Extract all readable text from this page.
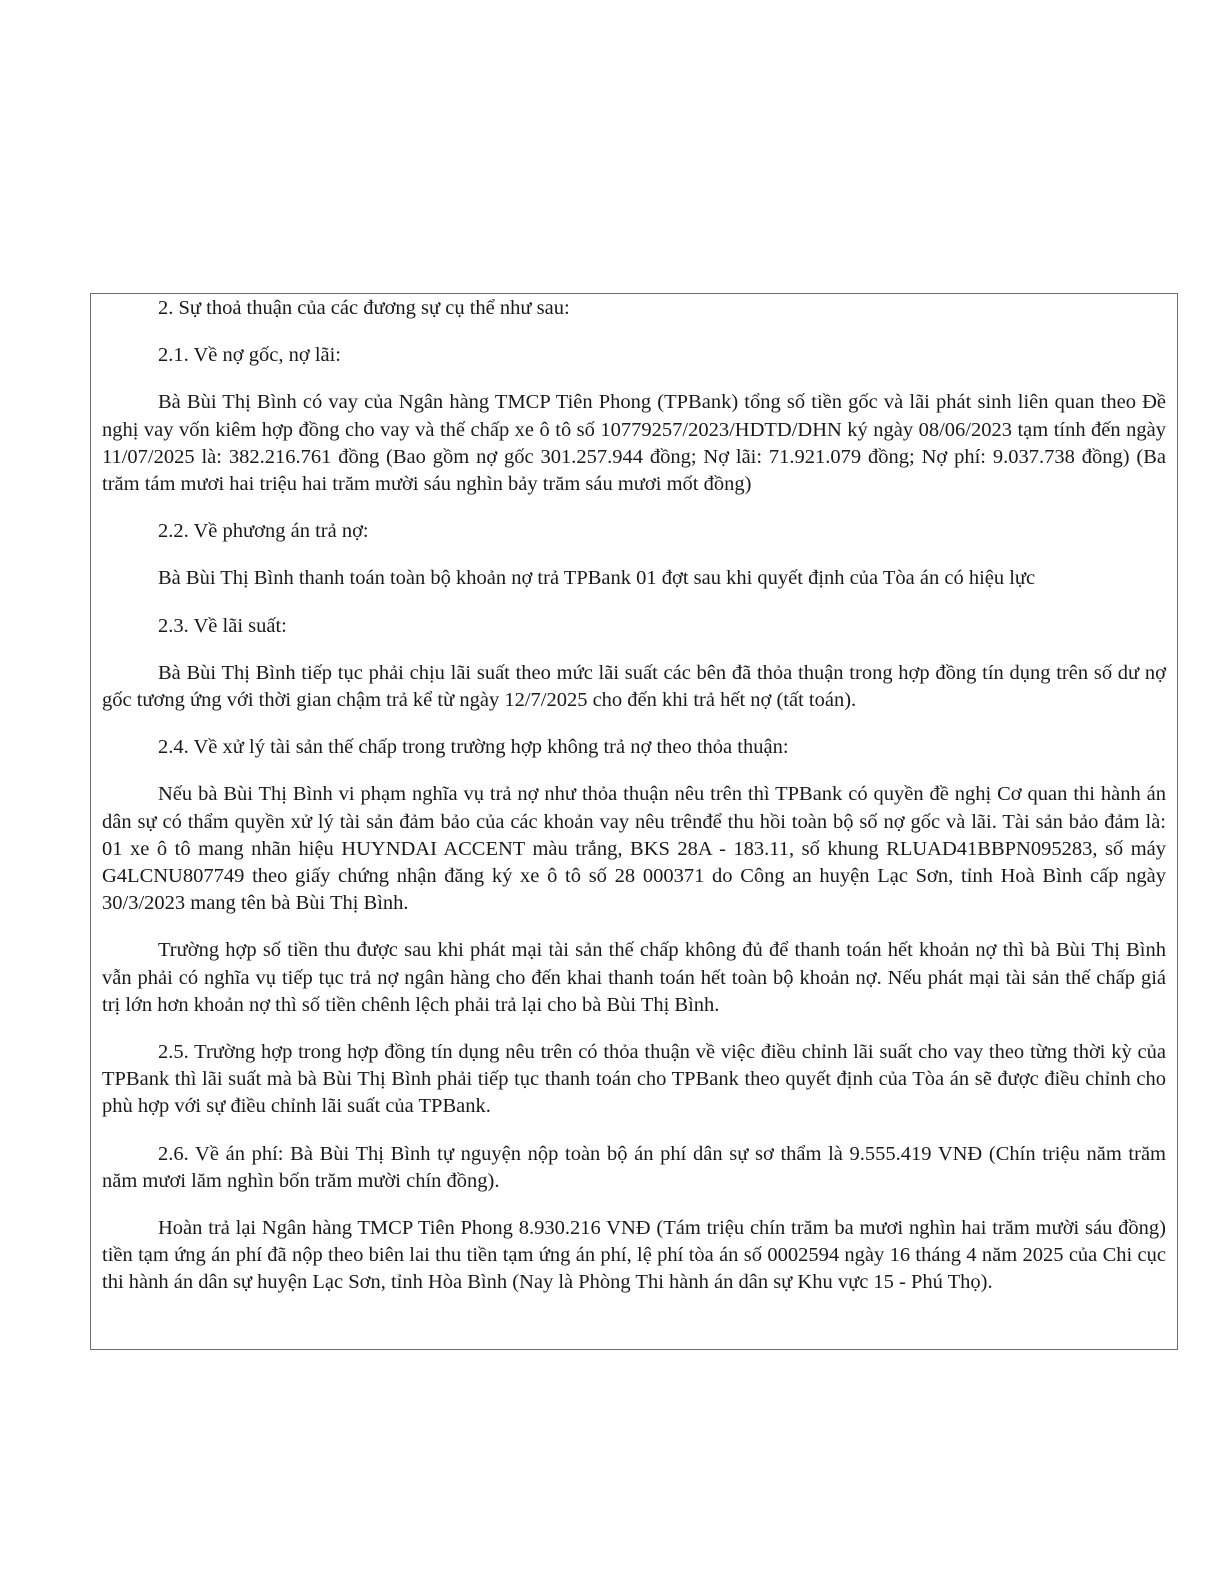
2. Sự thoả thuận của các đương sự cụ thể như sau:

2.1. Về nợ gốc, nợ lãi:

Bà Bùi Thị Bình có vay của Ngân hàng TMCP Tiên Phong (TPBank) tổng số tiền gốc và lãi phát sinh liên quan theo Đề nghị vay vốn kiêm hợp đồng cho vay và thế chấp xe ô tô số 10779257/2023/HDTD/DHN ký ngày 08/06/2023 tạm tính đến ngày 11/07/2025 là: 382.216.761 đồng (Bao gồm nợ gốc 301.257.944 đồng; Nợ lãi: 71.921.079 đồng; Nợ phí: 9.037.738 đồng) (Ba trăm tám mươi hai triệu hai trăm mười sáu nghìn bảy trăm sáu mươi mốt đồng)

2.2. Về phương án trả nợ:

Bà Bùi Thị Bình thanh toán toàn bộ khoản nợ trả TPBank 01 đợt sau khi quyết định của Tòa án có hiệu lực

2.3. Về lãi suất:

Bà Bùi Thị Bình tiếp tục phải chịu lãi suất theo mức lãi suất các bên đã thỏa thuận trong hợp đồng tín dụng trên số dư nợ gốc tương ứng với thời gian chậm trả kể từ ngày 12/7/2025 cho đến khi trả hết nợ (tất toán).

2.4. Về xử lý tài sản thế chấp trong trường hợp không trả nợ theo thỏa thuận:

Nếu bà Bùi Thị Bình vi phạm nghĩa vụ trả nợ như thỏa thuận nêu trên thì TPBank có quyền đề nghị Cơ quan thi hành án dân sự có thẩm quyền xử lý tài sản đảm bảo của các khoản vay nêu trênđể thu hồi toàn bộ số nợ gốc và lãi. Tài sản bảo đảm là: 01 xe ô tô mang nhãn hiệu HUYNDAI ACCENT màu trắng, BKS 28A - 183.11, số khung RLUAD41BBPN095283, số máy G4LCNU807749 theo giấy chứng nhận đăng ký xe ô tô số 28 000371 do Công an huyện Lạc Sơn, tỉnh Hoà Bình cấp ngày 30/3/2023 mang tên bà Bùi Thị Bình.

Trường hợp số tiền thu được sau khi phát mại tài sản thế chấp không đủ để thanh toán hết khoản nợ thì bà Bùi Thị Bình vẫn phải có nghĩa vụ tiếp tục trả nợ ngân hàng cho đến khai thanh toán hết toàn bộ khoản nợ. Nếu phát mại tài sản thế chấp giá trị lớn hơn khoản nợ thì số tiền chênh lệch phải trả lại cho bà Bùi Thị Bình.

2.5. Trường hợp trong hợp đồng tín dụng nêu trên có thỏa thuận về việc điều chỉnh lãi suất cho vay theo từng thời kỳ của TPBank thì lãi suất mà bà Bùi Thị Bình phải tiếp tục thanh toán cho TPBank theo quyết định của Tòa án sẽ được điều chỉnh cho phù hợp với sự điều chỉnh lãi suất của TPBank.

2.6. Về án phí: Bà Bùi Thị Bình tự nguyện nộp toàn bộ án phí dân sự sơ thẩm là 9.555.419 VNĐ (Chín triệu năm trăm năm mươi lăm nghìn bốn trăm mười chín đồng).

Hoàn trả lại Ngân hàng TMCP Tiên Phong 8.930.216 VNĐ (Tám triệu chín trăm ba mươi nghìn hai trăm mười sáu đồng) tiền tạm ứng án phí đã nộp theo biên lai thu tiền tạm ứng án phí, lệ phí tòa án số 0002594 ngày 16 tháng 4 năm 2025 của Chi cục thi hành án dân sự huyện Lạc Sơn, tỉnh Hòa Bình (Nay là Phòng Thi hành án dân sự Khu vực 15 - Phú Thọ).
